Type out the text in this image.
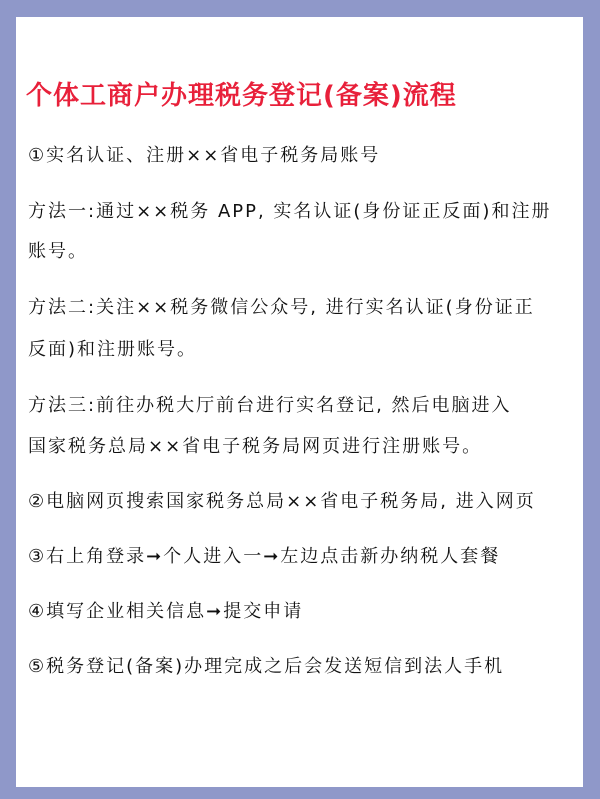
个体工商户办理税务登记(备案)流程

①实名认证、注册××省电子税务局账号

方法一:通过××税务 APP, 实名认证(身份证正反面)和注册

账号。

方法二:关注××税务微信公众号, 进行实名认证(身份证正

反面)和注册账号。

方法三:前往办税大厅前台进行实名登记, 然后电脑进入

国家税务总局××省电子税务局网页进行注册账号。

②电脑网页搜索国家税务总局××省电子税务局, 进入网页

③右上角登录➞个人进入一➞左边点击新办纳税人套餐

④填写企业相关信息➞提交申请

⑤税务登记(备案)办理完成之后会发送短信到法人手机
